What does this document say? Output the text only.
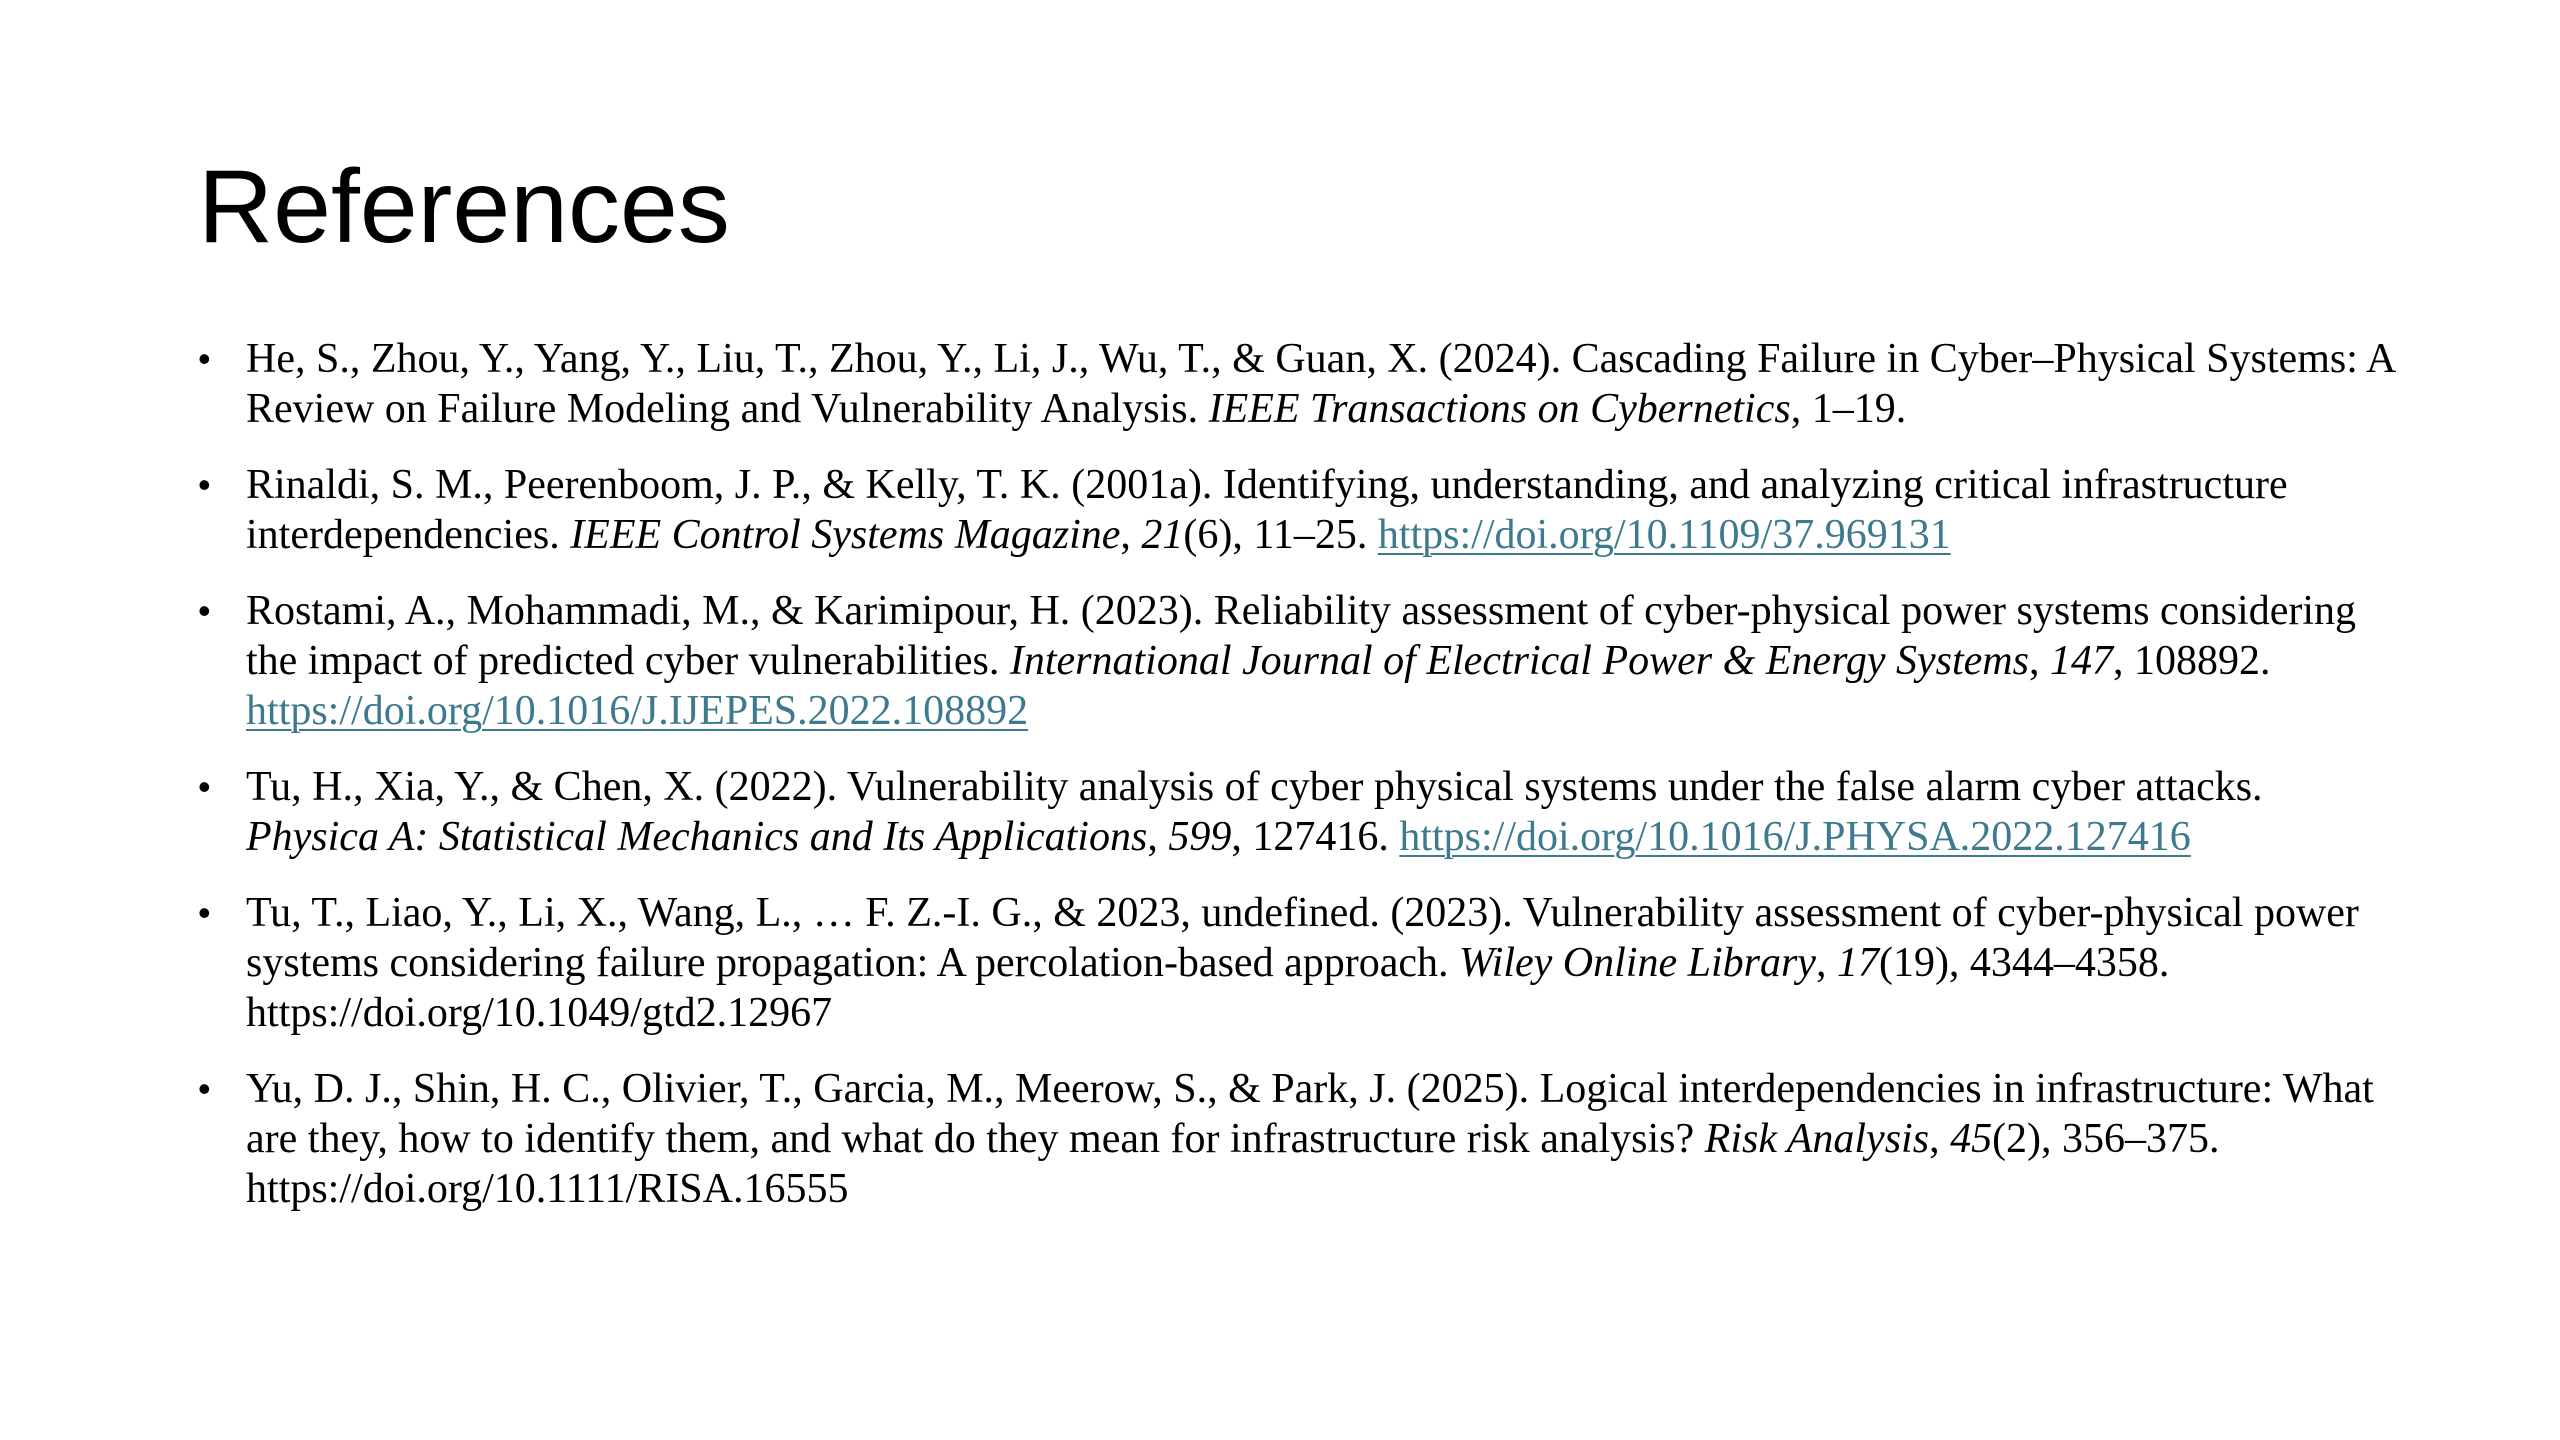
References
• He, S., Zhou, Y., Yang, Y., Liu, T., Zhou, Y., Li, J., Wu, T., & Guan, X. (2024). Cascading Failure in Cyber–Physical Systems: A Review on Failure Modeling and Vulnerability Analysis. IEEE Transactions on Cybernetics, 1–19.
• Rinaldi, S. M., Peerenboom, J. P., & Kelly, T. K. (2001a). Identifying, understanding, and analyzing critical infrastructure interdependencies. IEEE Control Systems Magazine, 21(6), 11–25. https://doi.org/10.1109/37.969131
• Rostami, A., Mohammadi, M., & Karimipour, H. (2023). Reliability assessment of cyber-physical power systems considering the impact of predicted cyber vulnerabilities. International Journal of Electrical Power & Energy Systems, 147, 108892. https://doi.org/10.1016/J.IJEPES.2022.108892
• Tu, H., Xia, Y., & Chen, X. (2022). Vulnerability analysis of cyber physical systems under the false alarm cyber attacks. Physica A: Statistical Mechanics and Its Applications, 599, 127416. https://doi.org/10.1016/J.PHYSA.2022.127416
• Tu, T., Liao, Y., Li, X., Wang, L., … F. Z.-I. G., & 2023, undefined. (2023). Vulnerability assessment of cyber-physical power systems considering failure propagation: A percolation-based approach. Wiley Online Library, 17(19), 4344–4358. https://doi.org/10.1049/gtd2.12967
• Yu, D. J., Shin, H. C., Olivier, T., Garcia, M., Meerow, S., & Park, J. (2025). Logical interdependencies in infrastructure: What are they, how to identify them, and what do they mean for infrastructure risk analysis? Risk Analysis, 45(2), 356–375. https://doi.org/10.1111/RISA.16555
